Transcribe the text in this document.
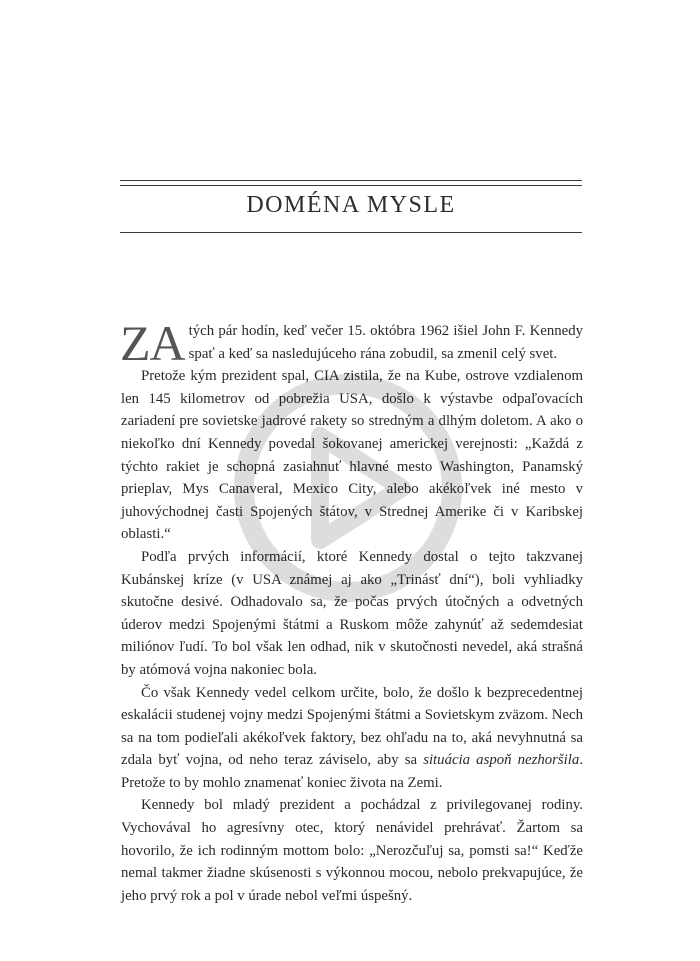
DOMÉNA MYSLE

ZA tých pár hodín, keď večer 15. októbra 1962 išiel John F. Kennedy spať a keď sa nasledujúceho rána zobudil, sa zmenil celý svet.

Pretože kým prezident spal, CIA zistila, že na Kube, ostrove vzdialenom len 145 kilometrov od pobrežia USA, došlo k výstavbe odpaľovacích zariadení pre sovietske jadrové rakety so stredným a dlhým doletom. A ako o niekoľko dní Kennedy povedal šokovanej americkej verejnosti: „Každá z týchto rakiet je schopná zasiahnuť hlavné mesto Washington, Panamský prieplav, Mys Canaveral, Mexico City, alebo akékoľvek iné mesto v juhovýchodnej časti Spojených štátov, v Strednej Amerike či v Karibskej oblasti.“

Podľa prvých informácií, ktoré Kennedy dostal o tejto takzvanej Kubánskej kríze (v USA známej aj ako „Trinásť dní“), boli vyhliadky skutočne desivé. Odhadovalo sa, že počas prvých útočných a odvetných úderov medzi Spojenými štátmi a Ruskom môže zahynúť až sedemdesiat miliónov ľudí. To bol však len odhad, nik v skutočnosti nevedel, aká strašná by atómová vojna nakoniec bola.

Čo však Kennedy vedel celkom určite, bolo, že došlo k bezprecedentnej eskalácii studenej vojny medzi Spojenými štátmi a Sovietskym zväzom. Nech sa na tom podieľali akékoľvek faktory, bez ohľadu na to, aká nevyhnutná sa zdala byť vojna, od neho teraz záviselo, aby sa situácia aspoň nezhoršila. Pretože to by mohlo znamenať koniec života na Zemi.

Kennedy bol mladý prezident a pochádzal z privilegovanej rodiny. Vychovával ho agresívny otec, ktorý nenávidel prehrávať. Žartom sa hovorilo, že ich rodinným mottom bolo: „Nerozčuľuj sa, pomsti sa!“ Keďže nemal takmer žiadne skúsenosti s výkonnou mocou, nebolo prekvapujúce, že jeho prvý rok a pol v úrade nebol veľmi úspešný.
